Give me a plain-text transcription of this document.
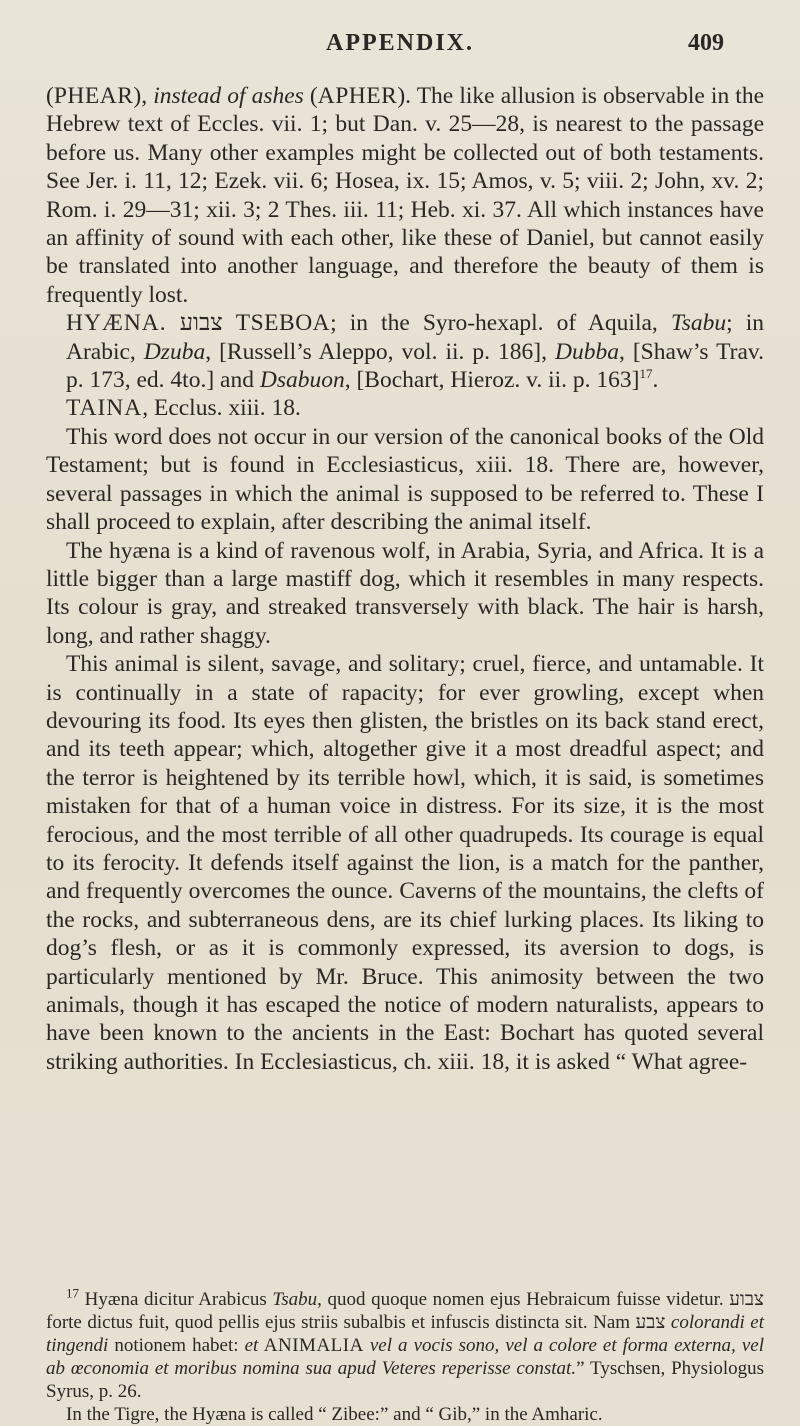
APPENDIX.	409

(PHEAR), instead of ashes (APHER). The like allusion is observable in the Hebrew text of Eccles. vii. 1; but Dan. v. 25—28, is nearest to the passage before us. Many other examples might be collected out of both testaments. See Jer. i. 11, 12; Ezek. vii. 6; Hosea, ix. 15; Amos, v. 5; viii. 2; John, xv. 2; Rom. i. 29—31; xii. 3; 2 Thes. iii. 11; Heb. xi. 37. All which instances have an affinity of sound with each other, like these of Daniel, but cannot easily be translated into another language, and therefore the beauty of them is frequently lost.

HYÆNA. צבוע TSEBOA; in the Syro-hexapl. of Aquila, Tsabu; in Arabic, Dzuba, [Russell’s Aleppo, vol. ii. p. 186], Dubba, [Shaw’s Trav. p. 173, ed. 4to.] and Dsabuon, [Bochart, Hieroz. v. ii. p. 163]$^{17}$.

TAINA, Ecclus. xiii. 18.

This word does not occur in our version of the canonical books of the Old Testament; but is found in Ecclesiasticus, xiii. 18. There are, however, several passages in which the animal is supposed to be referred to. These I shall proceed to explain, after describing the animal itself.

The hyæna is a kind of ravenous wolf, in Arabia, Syria, and Africa. It is a little bigger than a large mastiff dog, which it resembles in many respects. Its colour is gray, and streaked transversely with black. The hair is harsh, long, and rather shaggy.

This animal is silent, savage, and solitary; cruel, fierce, and untamable. It is continually in a state of rapacity; for ever growling, except when devouring its food. Its eyes then glisten, the bristles on its back stand erect, and its teeth appear; which, altogether give it a most dreadful aspect; and the terror is heightened by its terrible howl, which, it is said, is sometimes mistaken for that of a human voice in distress. For its size, it is the most ferocious, and the most terrible of all other quadrupeds. Its courage is equal to its ferocity. It defends itself against the lion, is a match for the panther, and frequently overcomes the ounce. Caverns of the mountains, the clefts of the rocks, and subterraneous dens, are its chief lurking places. Its liking to dog’s flesh, or as it is commonly expressed, its aversion to dogs, is particularly mentioned by Mr. Bruce. This animosity between the two animals, though it has escaped the notice of modern naturalists, appears to have been known to the ancients in the East: Bochart has quoted several striking authorities. In Ecclesiasticus, ch. xiii. 18, it is asked “ What agree-

$^{17}$ Hyæna dicitur Arabicus Tsabu, quod quoque nomen ejus Hebraicum fuisse videtur. צבוע forte dictus fuit, quod pellis ejus striis subalbis et infuscis distincta sit. Nam צבע colorandi et tingendi notionem habet: et ANIMALIA vel a vocis sono, vel a colore et forma externa, vel ab œconomia et moribus nomina sua apud Veteres reperisse constat.” Tyschsen, Physiologus Syrus, p. 26.

In the Tigre, the Hyæna is called “ Zibee:” and “ Gib,” in the Amharic.
